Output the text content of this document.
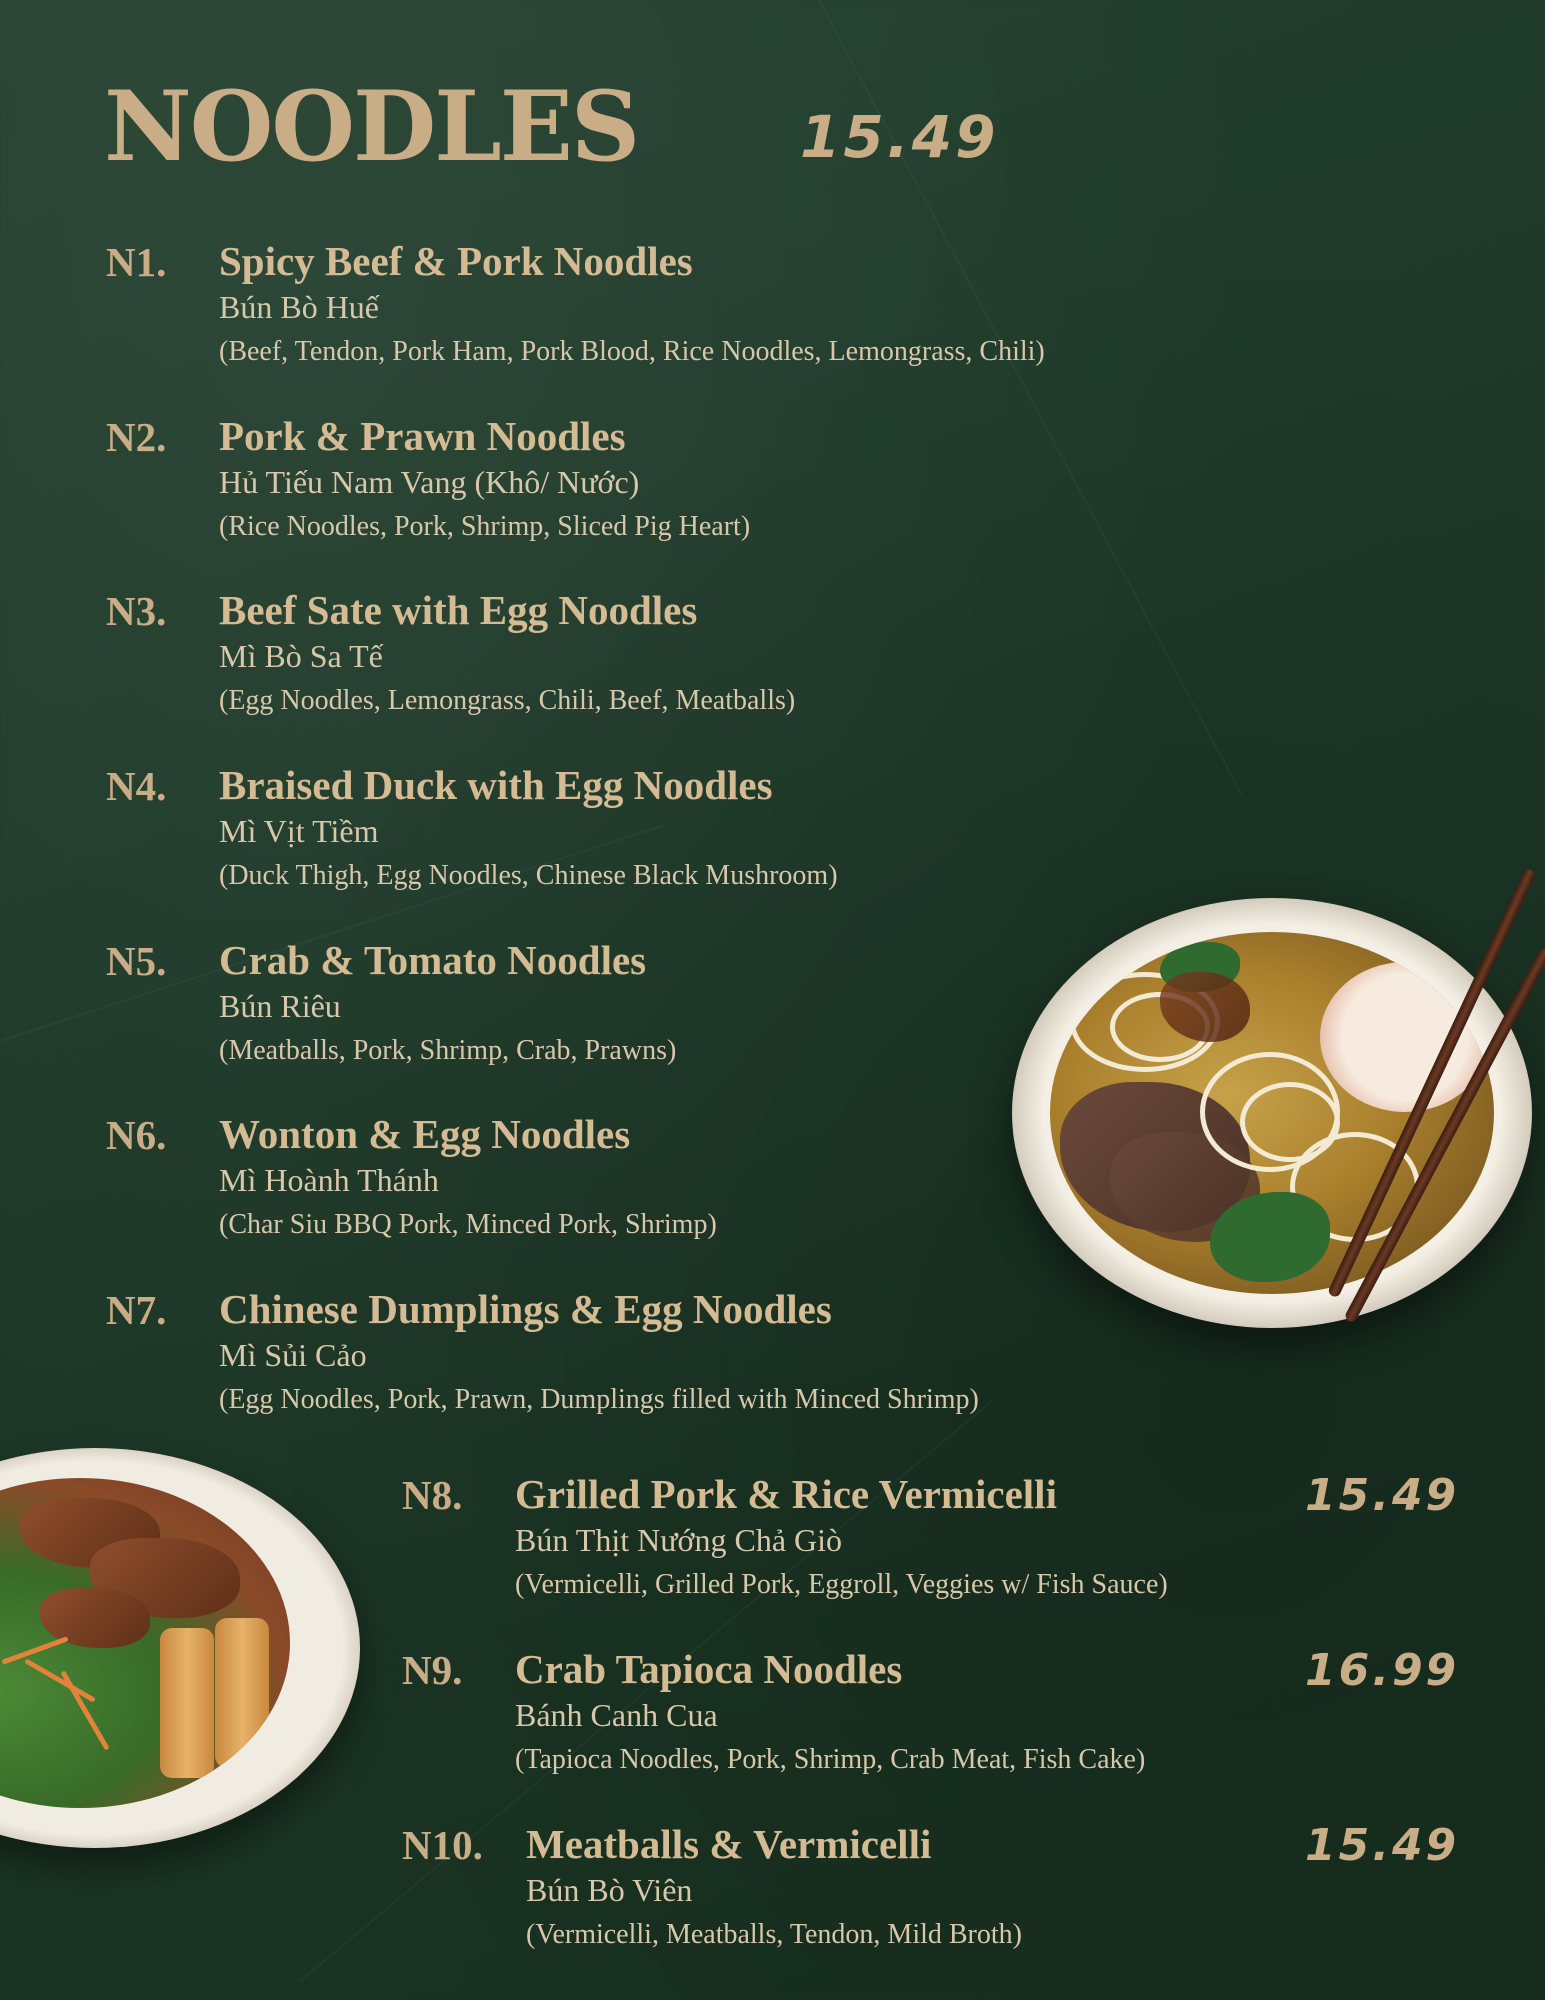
NOODLES	15.49
N1. Spicy Beef & Pork Noodles
Bún Bò Huế
(Beef, Tendon, Pork Ham, Pork Blood, Rice Noodles, Lemongrass, Chili)
N2. Pork & Prawn Noodles
Hủ Tiếu Nam Vang (Khô/ Nước)
(Rice Noodles, Pork, Shrimp, Sliced Pig Heart)
N3. Beef Sate with Egg Noodles
Mì Bò Sa Tế
(Egg Noodles, Lemongrass, Chili, Beef, Meatballs)
N4. Braised Duck with Egg Noodles
Mì Vịt Tiềm
(Duck Thigh, Egg Noodles, Chinese Black Mushroom)
N5. Crab & Tomato Noodles
Bún Riêu
(Meatballs, Pork, Shrimp, Crab, Prawns)
N6. Wonton & Egg Noodles
Mì Hoành Thánh
(Char Siu BBQ Pork, Minced Pork, Shrimp)
N7. Chinese Dumplings & Egg Noodles
Mì Sủi Cảo
(Egg Noodles, Pork, Prawn, Dumplings filled with Minced Shrimp)
N8. Grilled Pork & Rice Vermicelli
Bún Thịt Nướng Chả Giò
(Vermicelli, Grilled Pork, Eggroll, Veggies w/ Fish Sauce)
15.49
N9. Crab Tapioca Noodles
Bánh Canh Cua
(Tapioca Noodles, Pork, Shrimp, Crab Meat, Fish Cake)
16.99
N10. Meatballs & Vermicelli
Bún Bò Viên
(Vermicelli, Meatballs, Tendon, Mild Broth)
15.49
